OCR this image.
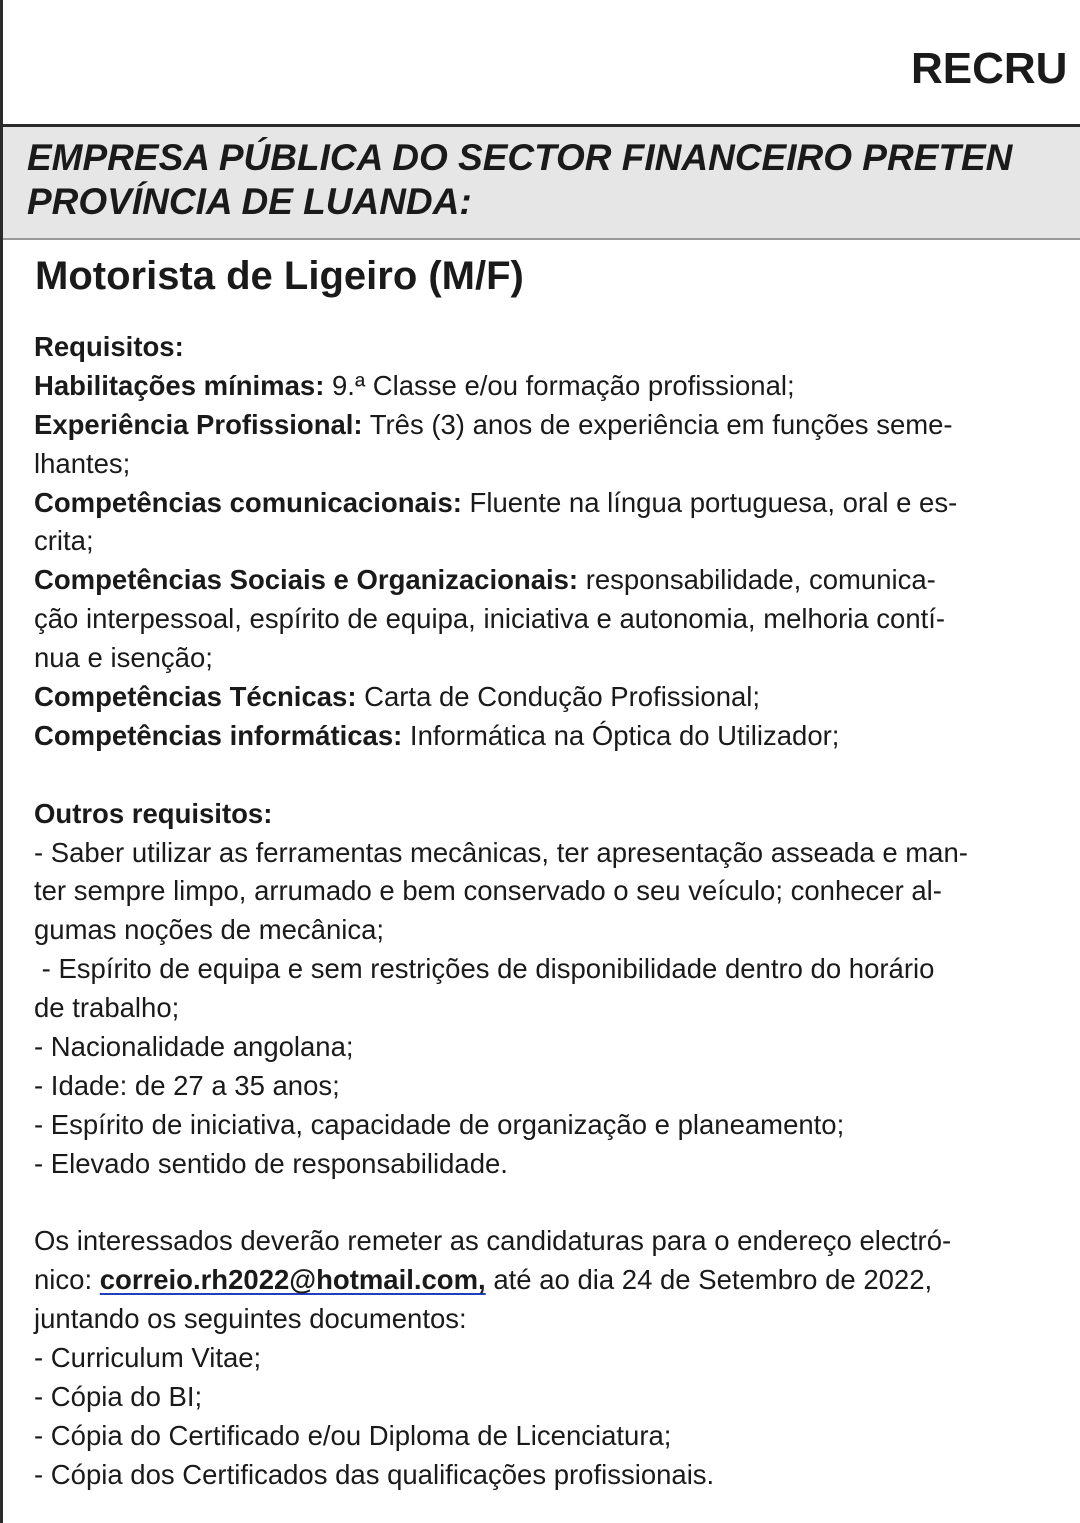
RECRU
EMPRESA PÚBLICA DO SECTOR FINANCEIRO PRETEN
PROVÍNCIA DE LUANDA:
Motorista de Ligeiro (M/F)
Requisitos:
Habilitações mínimas: 9.ª Classe e/ou formação profissional;
Experiência Profissional: Três (3) anos de experiência em funções seme-
lhantes;
Competências comunicacionais: Fluente na língua portuguesa, oral e es-
crita;
Competências Sociais e Organizacionais: responsabilidade, comunica-
ção interpessoal, espírito de equipa, iniciativa e autonomia, melhoria contí-
nua e isenção;
Competências Técnicas: Carta de Condução Profissional;
Competências informáticas: Informática na Óptica do Utilizador;
Outros requisitos:
- Saber utilizar as ferramentas mecânicas, ter apresentação asseada e man-
ter sempre limpo, arrumado e bem conservado o seu veículo; conhecer al-
gumas noções de mecânica;
- Espírito de equipa e sem restrições de disponibilidade dentro do horário
de trabalho;
- Nacionalidade angolana;
- Idade: de 27 a 35 anos;
- Espírito de iniciativa, capacidade de organização e planeamento;
- Elevado sentido de responsabilidade.
Os interessados deverão remeter as candidaturas para o endereço electró-
nico: correio.rh2022@hotmail.com, até ao dia 24 de Setembro de 2022,
juntando os seguintes documentos:
- Curriculum Vitae;
- Cópia do BI;
- Cópia do Certificado e/ou Diploma de Licenciatura;
- Cópia dos Certificados das qualificações profissionais.
